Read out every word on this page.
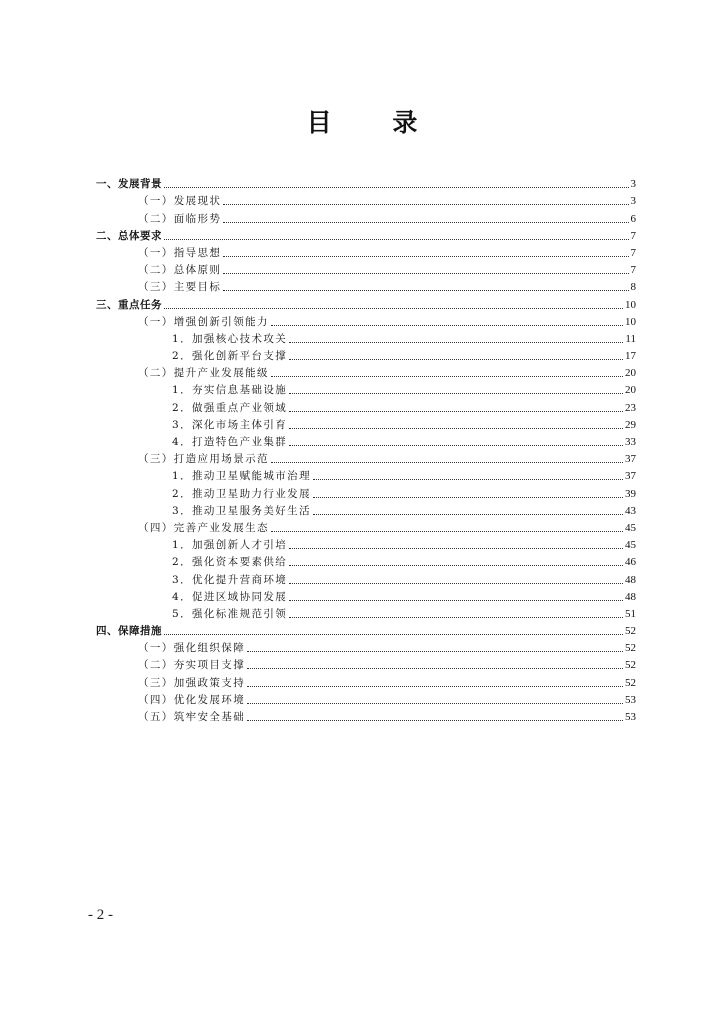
目 录
一、发展背景	3
（一）发展现状	3
（二）面临形势	6
二、总体要求	7
（一）指导思想	7
（二）总体原则	7
（三）主要目标	8
三、重点任务	10
（一）增强创新引领能力	10
1．加强核心技术攻关	11
2．强化创新平台支撑	17
（二）提升产业发展能级	20
1．夯实信息基础设施	20
2．做强重点产业领域	23
3．深化市场主体引育	29
4．打造特色产业集群	33
（三）打造应用场景示范	37
1．推动卫星赋能城市治理	37
2．推动卫星助力行业发展	39
3．推动卫星服务美好生活	43
（四）完善产业发展生态	45
1．加强创新人才引培	45
2．强化资本要素供给	46
3．优化提升营商环境	48
4．促进区域协同发展	48
5．强化标准规范引领	51
四、保障措施	52
（一）强化组织保障	52
（二）夯实项目支撑	52
（三）加强政策支持	52
（四）优化发展环境	53
（五）筑牢安全基础	53
- 2 -
